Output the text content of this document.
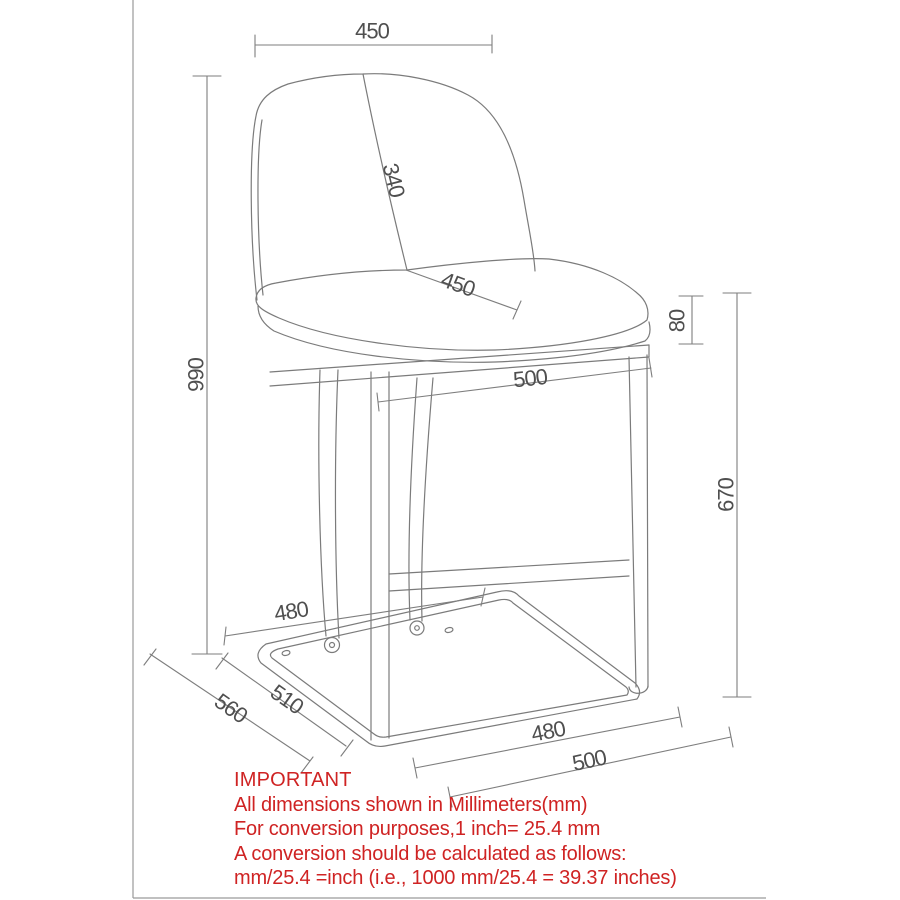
450
340
450
80
500
990
670
480
510
560
480
500
IMPORTANT
All dimensions shown in Millimeters(mm)
For conversion purposes,1 inch= 25.4 mm
A conversion should be calculated as follows:
mm/25.4 =inch (i.e., 1000 mm/25.4 = 39.37 inches)
